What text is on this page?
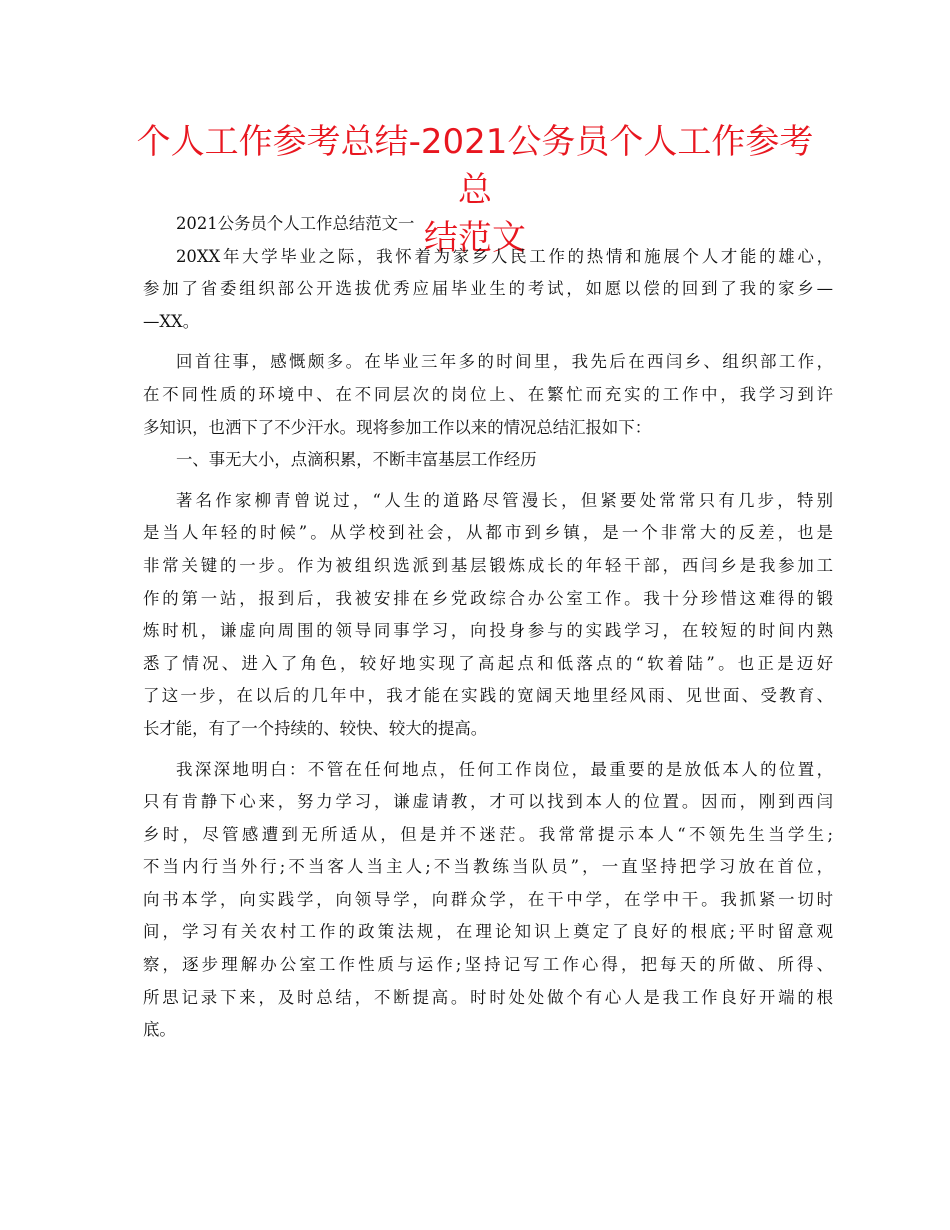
个人工作参考总结-2021公务员个人工作参考总
结范文
2021公务员个人工作总结范文一
20XX年大学毕业之际，我怀着为家乡人民工作的热情和施展个人才能的雄心，
参加了省委组织部公开选拔优秀应届毕业生的考试，如愿以偿的回到了我的家乡—
—XX。
回首往事，感慨颇多。在毕业三年多的时间里，我先后在西闫乡、组织部工作，
在不同性质的环境中、在不同层次的岗位上、在繁忙而充实的工作中，我学习到许
多知识，也洒下了不少汗水。现将参加工作以来的情况总结汇报如下：
一、事无大小，点滴积累，不断丰富基层工作经历
著名作家柳青曾说过，“人生的道路尽管漫长，但紧要处常常只有几步，特别
是当人年轻的时候”。从学校到社会，从都市到乡镇，是一个非常大的反差，也是
非常关键的一步。作为被组织选派到基层锻炼成长的年轻干部，西闫乡是我参加工
作的第一站，报到后，我被安排在乡党政综合办公室工作。我十分珍惜这难得的锻
炼时机，谦虚向周围的领导同事学习，向投身参与的实践学习，在较短的时间内熟
悉了情况、进入了角色，较好地实现了高起点和低落点的“软着陆”。也正是迈好
了这一步，在以后的几年中，我才能在实践的宽阔天地里经风雨、见世面、受教育、
长才能，有了一个持续的、较快、较大的提高。
我深深地明白：不管在任何地点，任何工作岗位，最重要的是放低本人的位置，
只有肯静下心来，努力学习，谦虚请教，才可以找到本人的位置。因而，刚到西闫
乡时，尽管感遭到无所适从，但是并不迷茫。我常常提示本人“不领先生当学生;
不当内行当外行;不当客人当主人;不当教练当队员”，一直坚持把学习放在首位，
向书本学，向实践学，向领导学，向群众学，在干中学，在学中干。我抓紧一切时
间，学习有关农村工作的政策法规，在理论知识上奠定了良好的根底;平时留意观
察，逐步理解办公室工作性质与运作;坚持记写工作心得，把每天的所做、所得、
所思记录下来，及时总结，不断提高。时时处处做个有心人是我工作良好开端的根
底。
